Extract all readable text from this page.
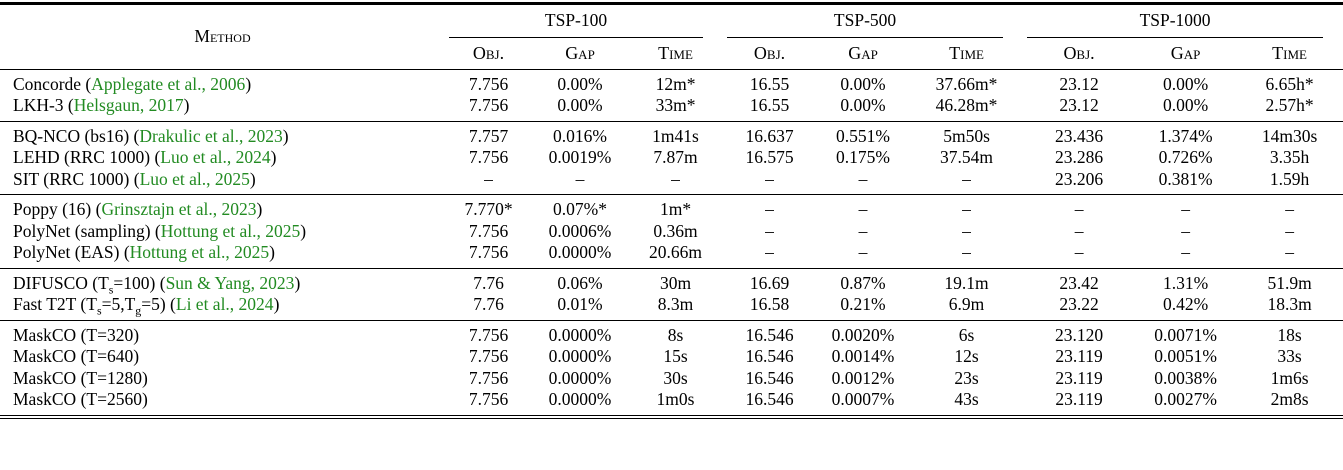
Method	TSP-100			TSP-500			TSP-1000		

	Obj.	Gap	Time	Obj.	Gap	Time	Obj.	Gap	Time
Concorde (Applegate et al., 2006)	7.756	0.00%	12m*	16.55	0.00%	37.66m*	23.12	0.00%	6.65h*
LKH-3 (Helsgaun, 2017)	7.756	0.00%	33m*	16.55	0.00%	46.28m*	23.12	0.00%	2.57h*
BQ-NCO (bs16) (Drakulic et al., 2023)	7.757	0.016%	1m41s	16.637	0.551%	5m50s	23.436	1.374%	14m30s
LEHD (RRC 1000) (Luo et al., 2024)	7.756	0.0019%	7.87m	16.575	0.175%	37.54m	23.286	0.726%	3.35h
SIT (RRC 1000) (Luo et al., 2025)	–	–	–	–	–	–	23.206	0.381%	1.59h
Poppy (16) (Grinsztajn et al., 2023)	7.770*	0.07%*	1m*	–	–	–	–	–	–
PolyNet (sampling) (Hottung et al., 2025)	7.756	0.0006%	0.36m	–	–	–	–	–	–
PolyNet (EAS) (Hottung et al., 2025)	7.756	0.0000%	20.66m	–	–	–	–	–	–
DIFUSCO $(T_s=100)$ (Sun & Yang, 2023)	7.76	0.06%	30m	16.69	0.87%	19.1m	23.42	1.31%	51.9m
Fast T2T $(T_s=5,T_g=5)$ (Li et al., 2024)	7.76	0.01%	8.3m	16.58	0.21%	6.9m	23.22	0.42%	18.3m
MaskCO (T=320)	7.756	0.0000%	8s	16.546	0.0020%	6s	23.120	0.0071%	18s
MaskCO (T=640)	7.756	0.0000%	15s	16.546	0.0014%	12s	23.119	0.0051%	33s
MaskCO (T=1280)	7.756	0.0000%	30s	16.546	0.0012%	23s	23.119	0.0038%	1m6s
MaskCO (T=2560)	7.756	0.0000%	1m0s	16.546	0.0007%	43s	23.119	0.0027%	2m8s
